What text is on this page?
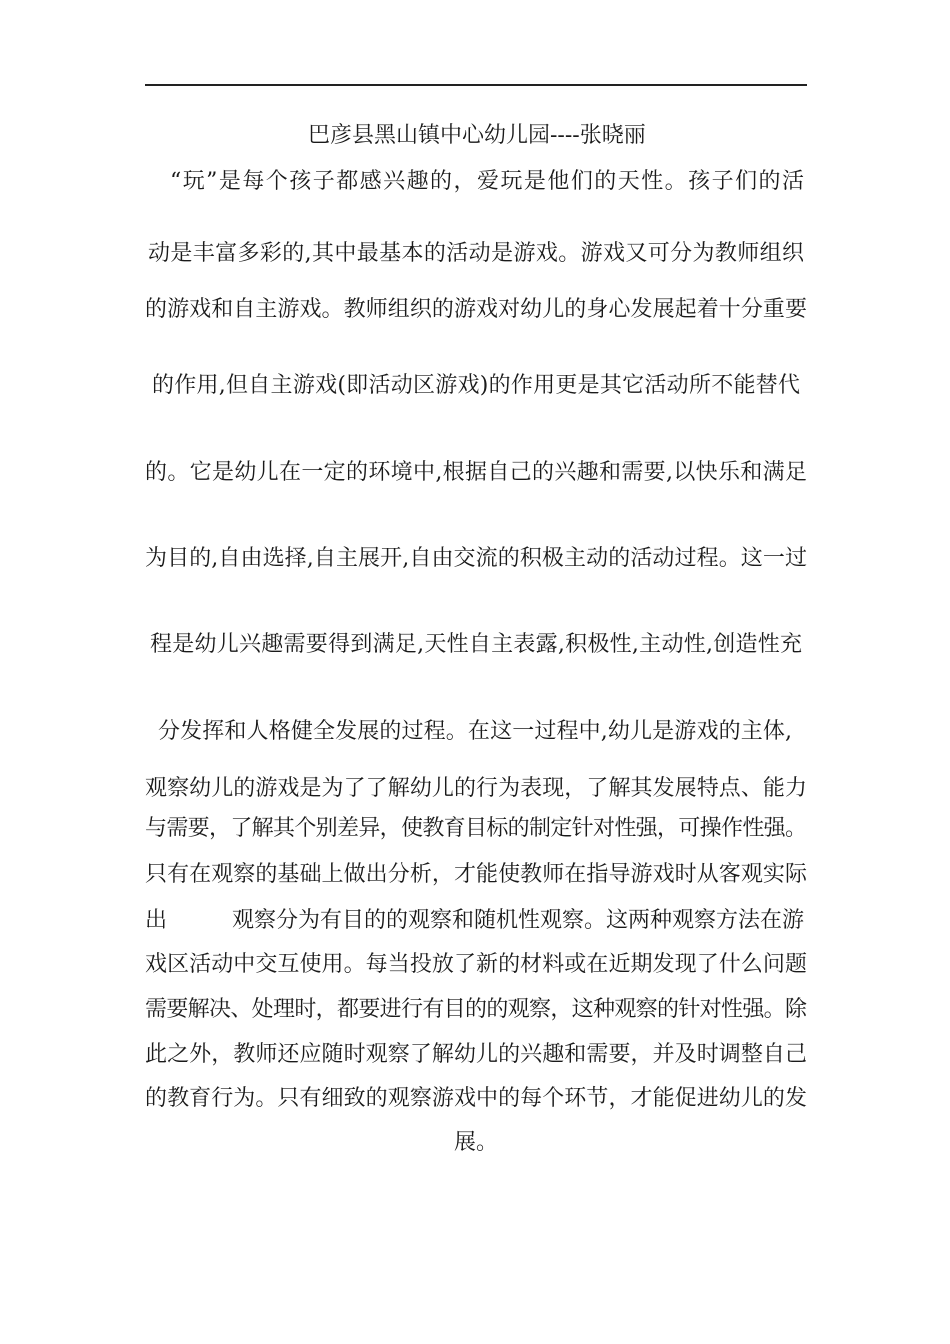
巴彦县黑山镇中心幼儿园----张晓丽
“玩”是每个孩子都感兴趣的，爱玩是他们的天性。孩子们的活
动是丰富多彩的,其中最基本的活动是游戏。游戏又可分为教师组织
的游戏和自主游戏。教师组织的游戏对幼儿的身心发展起着十分重要
的作用,但自主游戏(即活动区游戏)的作用更是其它活动所不能替代
的。它是幼儿在一定的环境中,根据自己的兴趣和需要,以快乐和满足
为目的,自由选择,自主展开,自由交流的积极主动的活动过程。这一过
程是幼儿兴趣需要得到满足,天性自主表露,积极性,主动性,创造性充
分发挥和人格健全发展的过程。在这一过程中,幼儿是游戏的主体,
观察幼儿的游戏是为了了解幼儿的行为表现，了解其发展特点、能力
与需要，了解其个别差异，使教育目标的制定针对性强，可操作性强。
只有在观察的基础上做出分析，才能使教师在指导游戏时从客观实际
出	观察分为有目的的观察和随机性观察。这两种观察方法在游
戏区活动中交互使用。每当投放了新的材料或在近期发现了什么问题
需要解决、处理时，都要进行有目的的观察，这种观察的针对性强。除
此之外，教师还应随时观察了解幼儿的兴趣和需要，并及时调整自己
的教育行为。只有细致的观察游戏中的每个环节，才能促进幼儿的发
展。
